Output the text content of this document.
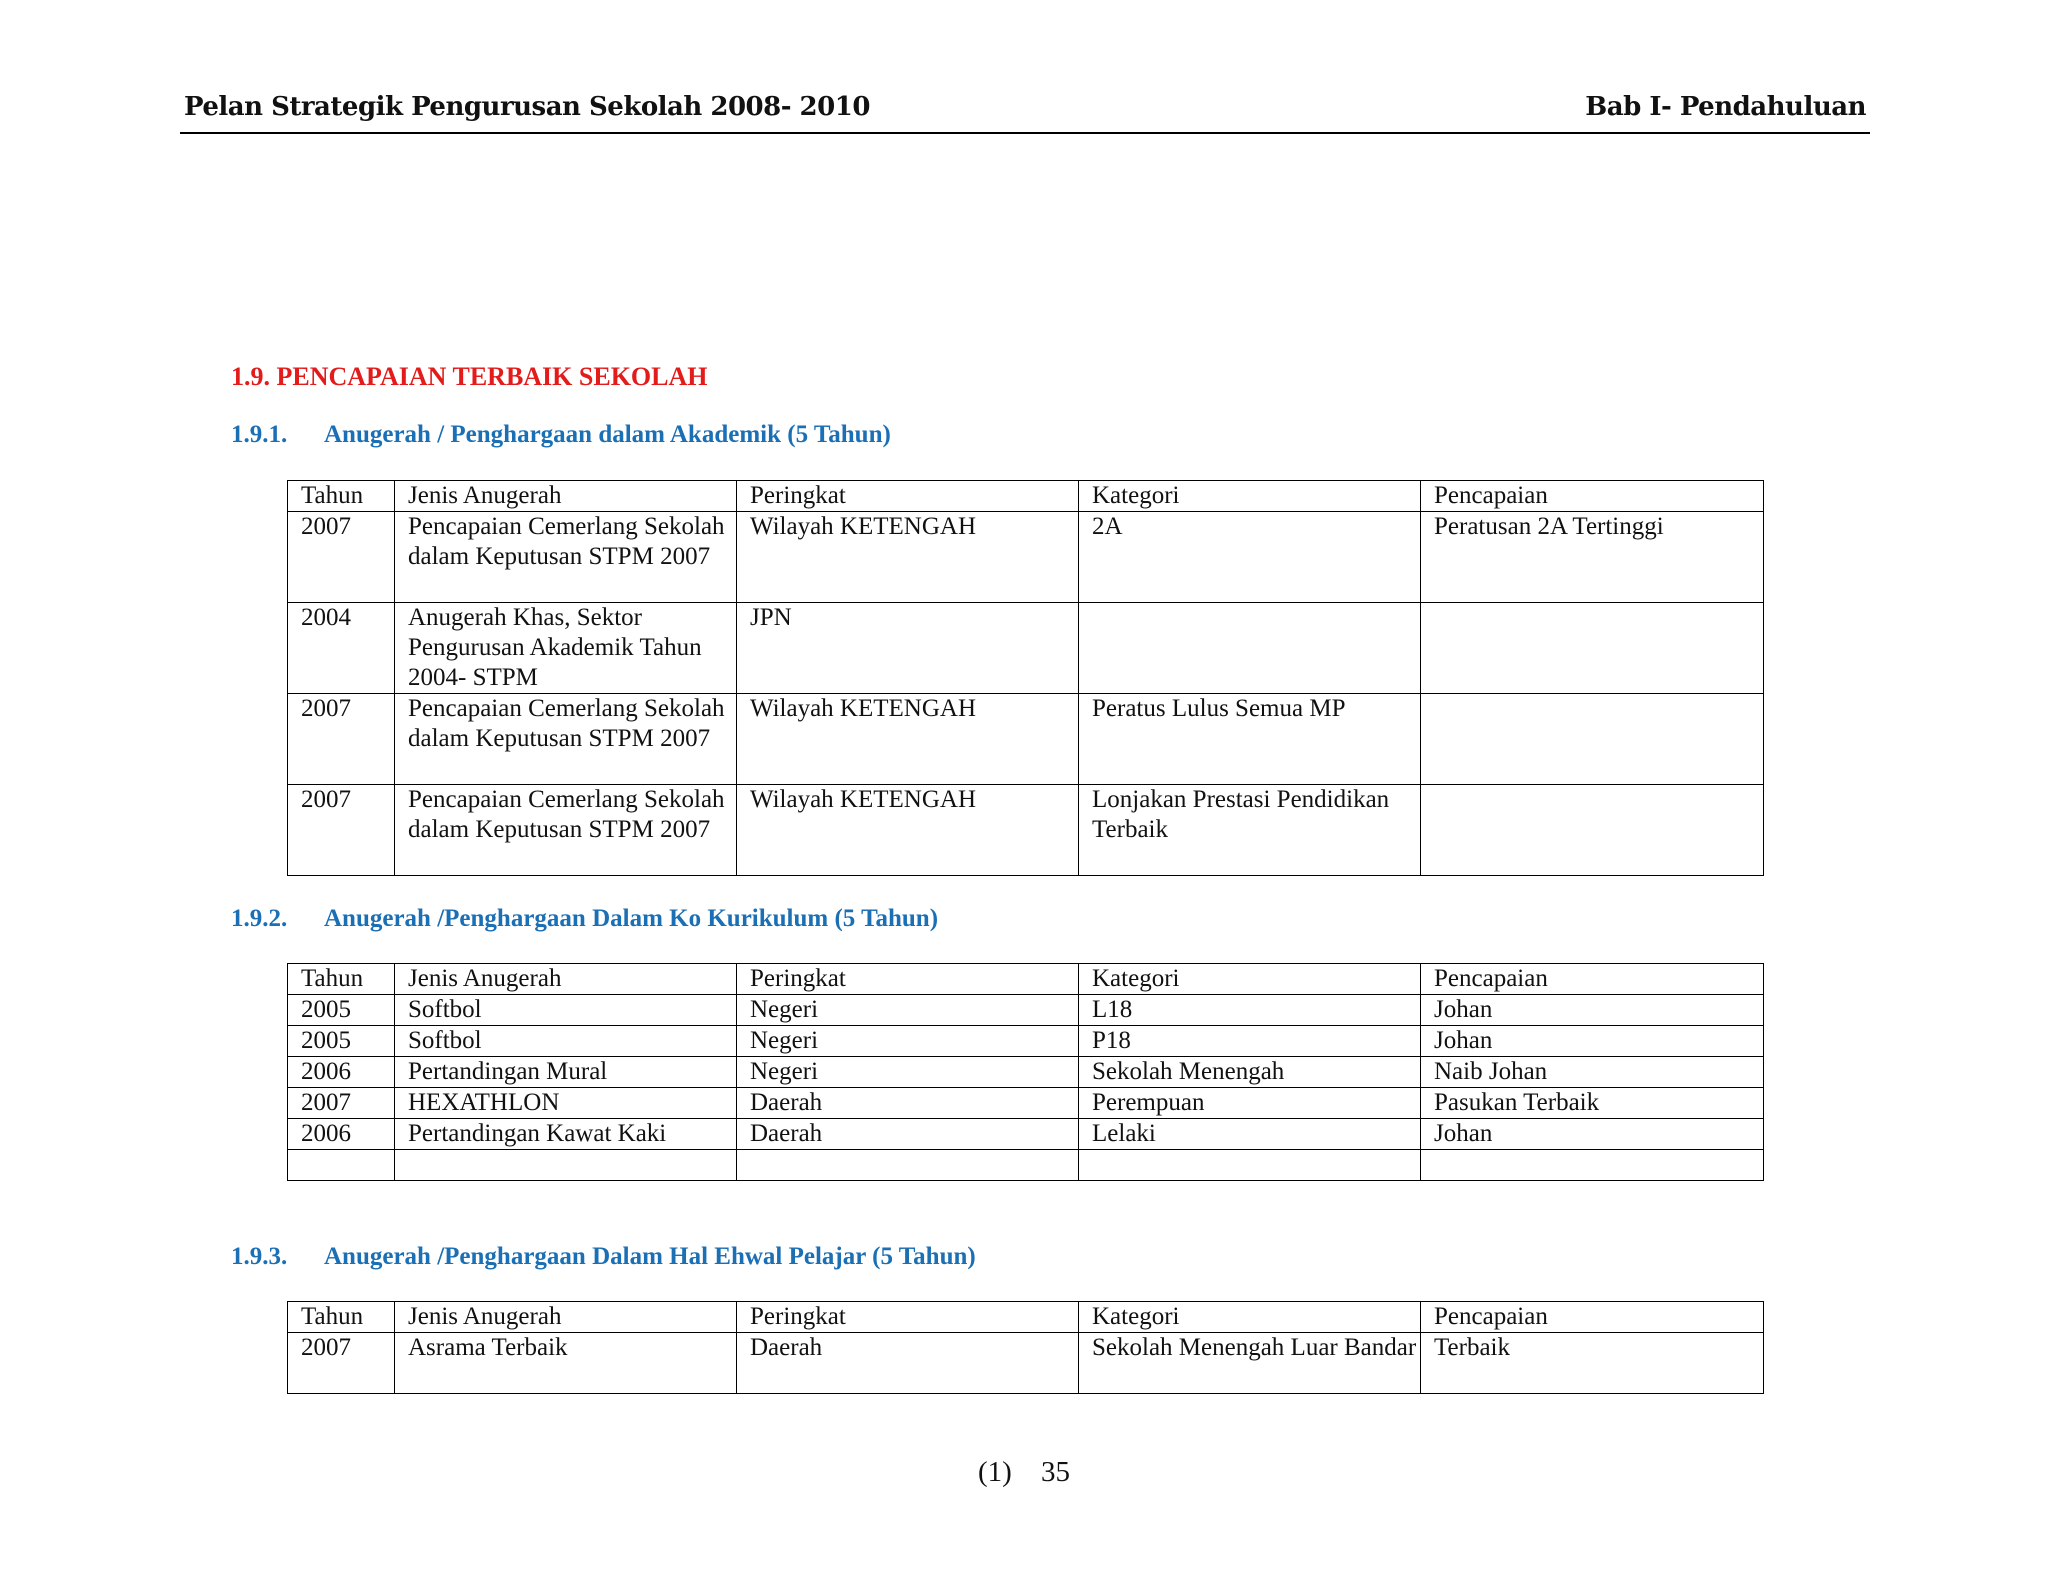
Pelan Strategik Pengurusan Sekolah 2008- 2010	Bab I- Pendahuluan
1.9. PENCAPAIAN TERBAIK SEKOLAH
1.9.1. Anugerah / Penghargaan dalam Akademik (5 Tahun)
Tahun	Jenis Anugerah	Peringkat	Kategori	Pencapaian
2007	Pencapaian Cemerlang Sekolah dalam Keputusan STPM 2007	Wilayah KETENGAH	2A	Peratusan 2A Tertinggi
2004	Anugerah Khas, Sektor Pengurusan Akademik Tahun 2004- STPM	JPN		
2007	Pencapaian Cemerlang Sekolah dalam Keputusan STPM 2007	Wilayah KETENGAH	Peratus Lulus Semua MP	
2007	Pencapaian Cemerlang Sekolah dalam Keputusan STPM 2007	Wilayah KETENGAH	Lonjakan Prestasi Pendidikan Terbaik	
1.9.2. Anugerah /Penghargaan Dalam Ko Kurikulum (5 Tahun)
Tahun	Jenis Anugerah	Peringkat	Kategori	Pencapaian
2005	Softbol	Negeri	L18	Johan
2005	Softbol	Negeri	P18	Johan
2006	Pertandingan Mural	Negeri	Sekolah Menengah	Naib Johan
2007	HEXATHLON	Daerah	Perempuan	Pasukan Terbaik
2006	Pertandingan Kawat Kaki	Daerah	Lelaki	Johan

1.9.3. Anugerah /Penghargaan Dalam Hal Ehwal Pelajar (5 Tahun)
Tahun	Jenis Anugerah	Peringkat	Kategori	Pencapaian
2007	Asrama Terbaik	Daerah	Sekolah Menengah Luar Bandar	Terbaik
(1) 35
